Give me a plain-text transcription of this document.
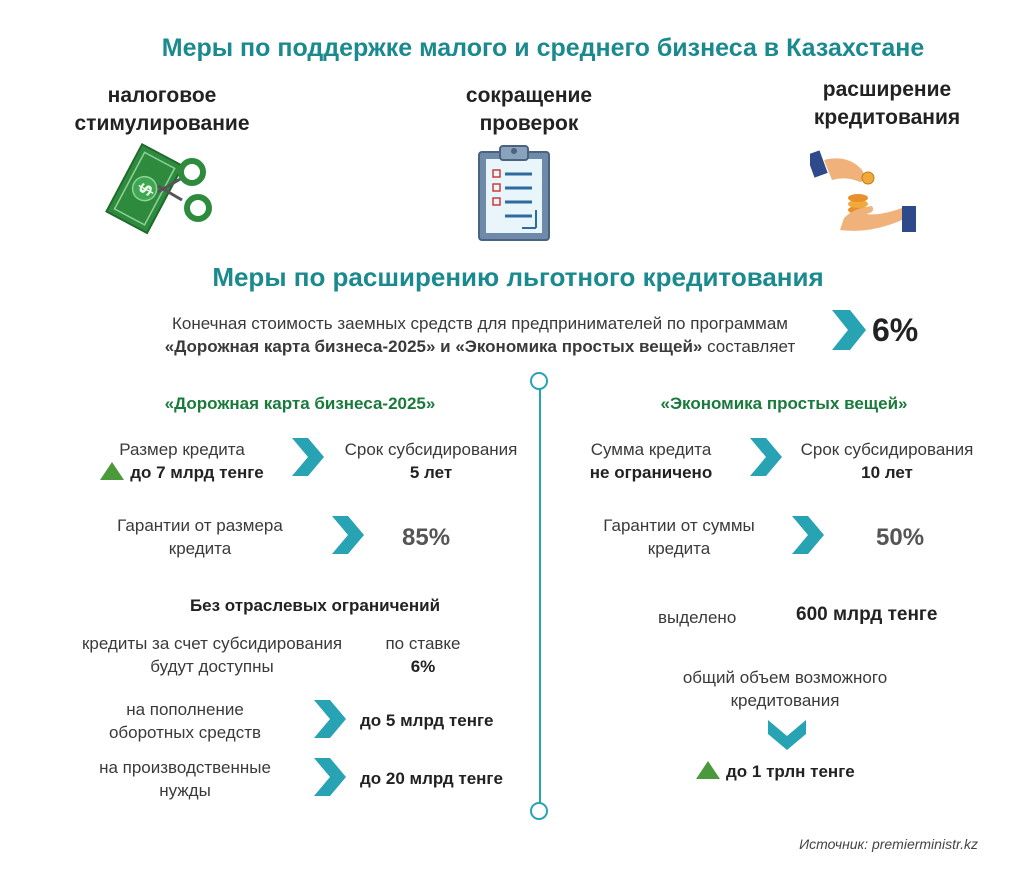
Меры по поддержке малого и среднего бизнеса в Казахстане
налоговое
стимулирование
сокращение
проверок
расширение
кредитования
$
Меры по расширению льготного кредитования
Конечная стоимость заемных средств для предпринимателей по программам
«Дорожная карта бизнеса-2025» и «Экономика простых вещей» составляет	6%
«Дорожная карта бизнеса-2025»
Размер кредита
до 7 млрд тенге
Срок субсидирования
5 лет
Гарантии от размера
кредита	85%
Без отраслевых ограничений
кредиты за счет субсидирования
будут доступны
по ставке
6%
на пополнение
оборотных средств
до 5 млрд тенге
на производственные
нужды
до 20 млрд тенге
«Экономика простых вещей»
Сумма кредита
не ограничено
Срок субсидирования
10 лет
Гарантии от суммы
кредита	50%
выделено	600 млрд тенге
общий объем возможного
кредитования
до 1 трлн тенге
Источник: premierministr.kz
